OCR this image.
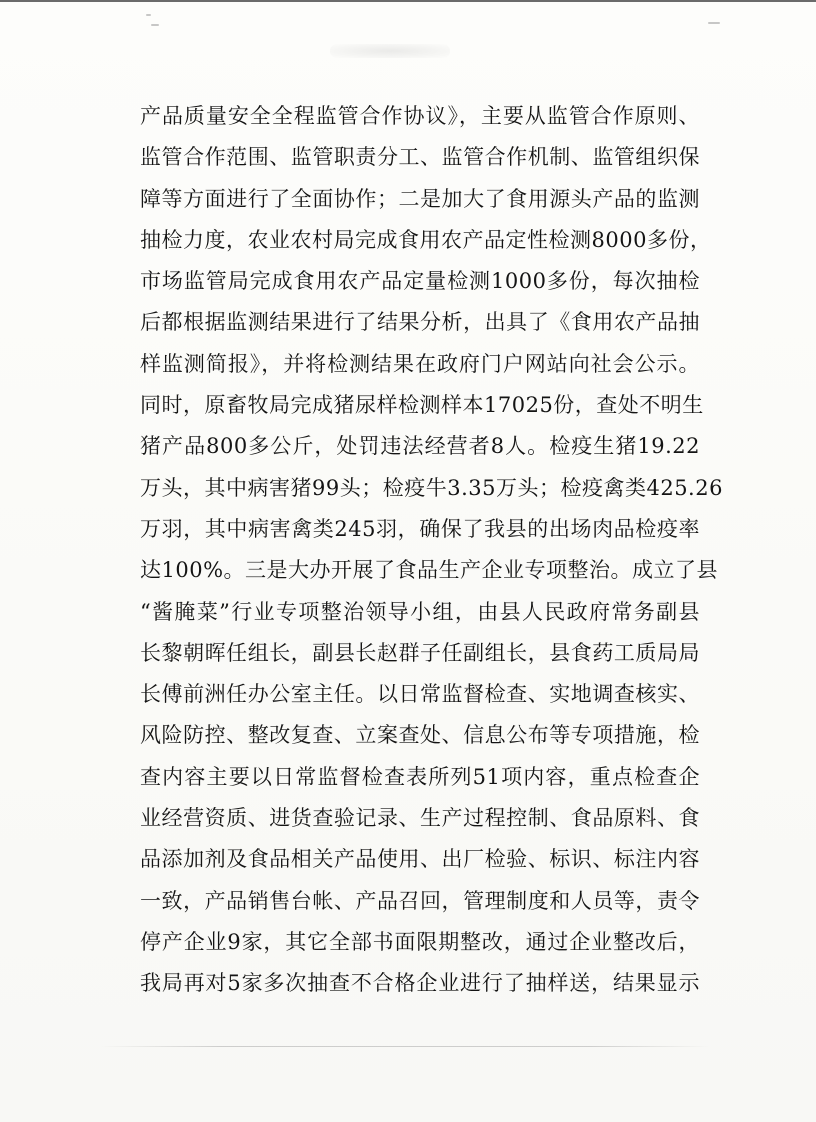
产品质量安全全程监管合作协议》，主要从监管合作原则、
监管合作范围、监管职责分工、监管合作机制、监管组织保
障等方面进行了全面协作；二是加大了食用源头产品的监测
抽检力度，农业农村局完成食用农产品定性检测8000多份，
市场监管局完成食用农产品定量检测1000多份，每次抽检
后都根据监测结果进行了结果分析，出具了《食用农产品抽
样监测简报》，并将检测结果在政府门户网站向社会公示。
同时，原畜牧局完成猪尿样检测样本17025份，查处不明生
猪产品800多公斤，处罚违法经营者8人。检疫生猪19.22
万头，其中病害猪99头；检疫牛3.35万头；检疫禽类425.26
万羽，其中病害禽类245羽，确保了我县的出场肉品检疫率
达100%。三是大办开展了食品生产企业专项整治。成立了县
“酱腌菜”行业专项整治领导小组，由县人民政府常务副县
长黎朝晖任组长，副县长赵群子任副组长，县食药工质局局
长傅前洲任办公室主任。以日常监督检查、实地调查核实、
风险防控、整改复查、立案查处、信息公布等专项措施，检
查内容主要以日常监督检查表所列51项内容，重点检查企
业经营资质、进货查验记录、生产过程控制、食品原料、食
品添加剂及食品相关产品使用、出厂检验、标识、标注内容
一致，产品销售台帐、产品召回，管理制度和人员等，责令
停产企业9家，其它全部书面限期整改，通过企业整改后，
我局再对5家多次抽查不合格企业进行了抽样送，结果显示
